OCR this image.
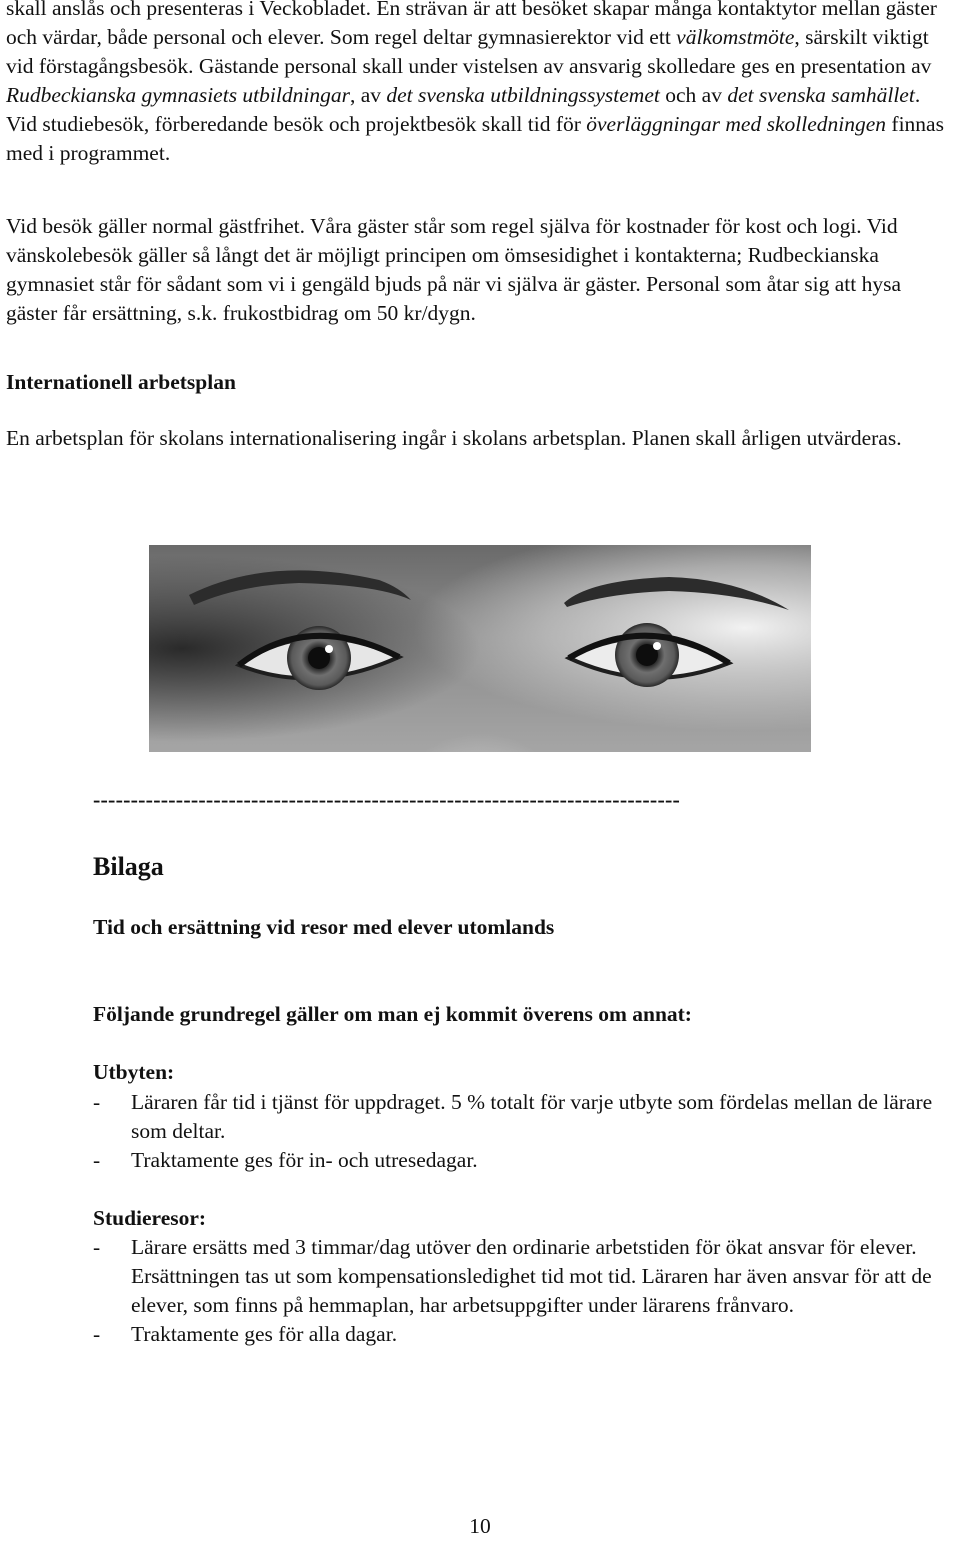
skall anslås och presenteras i Veckobladet. En strävan är att besöket skapar många kontaktytor mellan gäster och värdar, både personal och elever. Som regel deltar gymnasierektor vid ett välkomstmöte, särskilt viktigt vid förstagångsbesök. Gästande personal skall under vistelsen av ansvarig skolledare ges en presentation av Rudbeckianska gymnasiets utbildningar, av det svenska utbildningssystemet och av det svenska samhället. Vid studiebesök, förberedande besök och projektbesök skall tid för överläggningar med skolledningen finnas med i programmet.
Vid besök gäller normal gästfrihet. Våra gäster står som regel själva för kostnader för kost och logi. Vid vänskolebesök gäller så långt det är möjligt principen om ömsesidighet i kontakterna; Rudbeckianska gymnasiet står för sådant som vi i gengäld bjuds på när vi själva är gäster. Personal som åtar sig att hysa gäster får ersättning, s.k. frukostbidrag om 50 kr/dygn.
Internationell arbetsplan
En arbetsplan för skolans internationalisering ingår i skolans arbetsplan. Planen skall årligen utvärderas.
------------------------------------------------------------------------------
Bilaga
Tid och ersättning vid resor med elever utomlands
Följande grundregel gäller om man ej kommit överens om annat:
Utbyten:
- Läraren får tid i tjänst för uppdraget. 5 % totalt för varje utbyte som fördelas mellan de lärare som deltar.
- Traktamente ges för in- och utresedagar.
Studieresor:
- Lärare ersätts med 3 timmar/dag utöver den ordinarie arbetstiden för ökat ansvar för elever. Ersättningen tas ut som kompensationsledighet tid mot tid. Läraren har även ansvar för att de elever, som finns på hemmaplan, har arbetsuppgifter under lärarens frånvaro.
- Traktamente ges för alla dagar.
10
